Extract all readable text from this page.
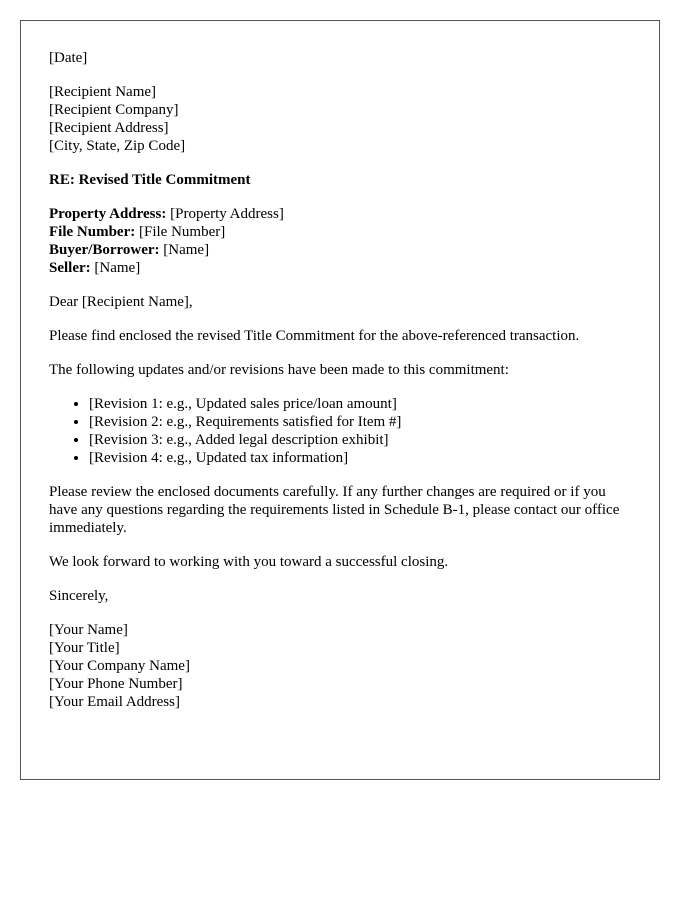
[Date]
[Recipient Name]
[Recipient Company]
[Recipient Address]
[City, State, Zip Code]
RE: Revised Title Commitment
Property Address: [Property Address]
File Number: [File Number]
Buyer/Borrower: [Name]
Seller: [Name]

Dear [Recipient Name],

Please find enclosed the revised Title Commitment for the above-referenced transaction.

The following updates and/or revisions have been made to this commitment:

• [Revision 1: e.g., Updated sales price/loan amount]
• [Revision 2: e.g., Requirements satisfied for Item #]
• [Revision 3: e.g., Added legal description exhibit]
• [Revision 4: e.g., Updated tax information]

Please review the enclosed documents carefully. If any further changes are required or if you have any questions regarding the requirements listed in Schedule B-1, please contact our office immediately.

We look forward to working with you toward a successful closing.

Sincerely,

[Your Name]
[Your Title]
[Your Company Name]
[Your Phone Number]
[Your Email Address]
